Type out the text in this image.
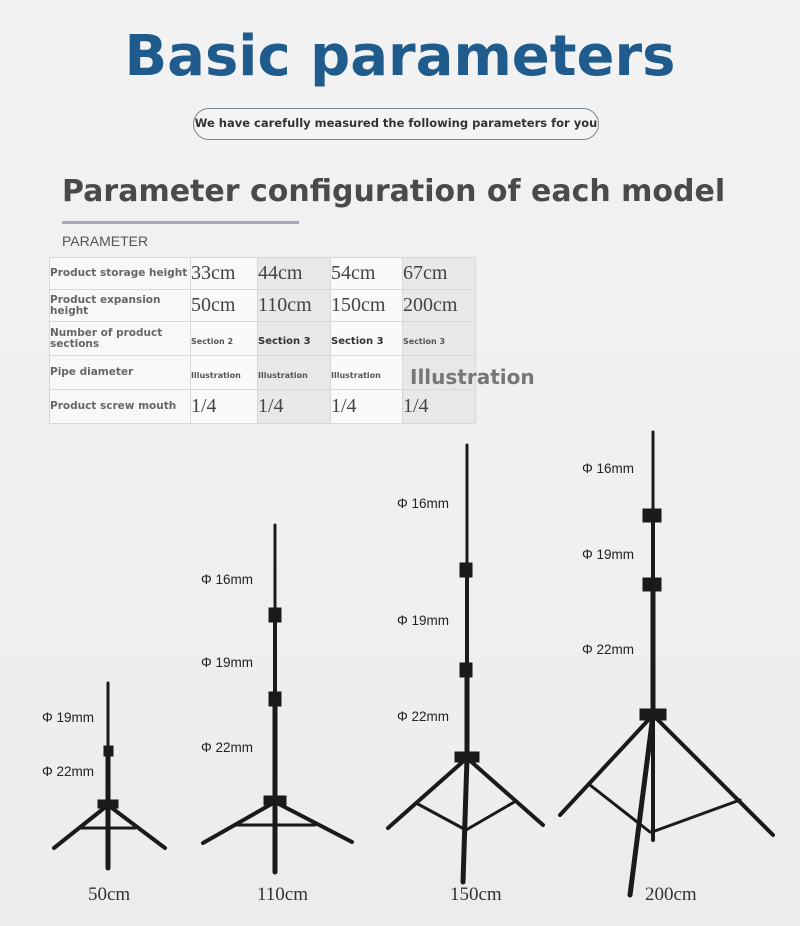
Basic parameters
We have carefully measured the following parameters for you
Parameter configuration of each model
PARAMETER
Product storage height	33cm	44cm	54cm	67cm
Product expansion height	50cm	110cm	150cm	200cm
Number of product sections	Section 2	Section 3	Section 3	Section 3
Pipe diameter	Illustration	Illustration	Illustration	
Product screw mouth	1/4	1/4	1/4	1/4
Illustration
Φ 19mm
Φ 22mm
Φ 16mm
Φ 19mm
Φ 22mm
Φ 16mm
Φ 19mm
Φ 22mm
Φ 16mm
Φ 19mm
Φ 22mm
50cm	110cm	150cm	200cm
